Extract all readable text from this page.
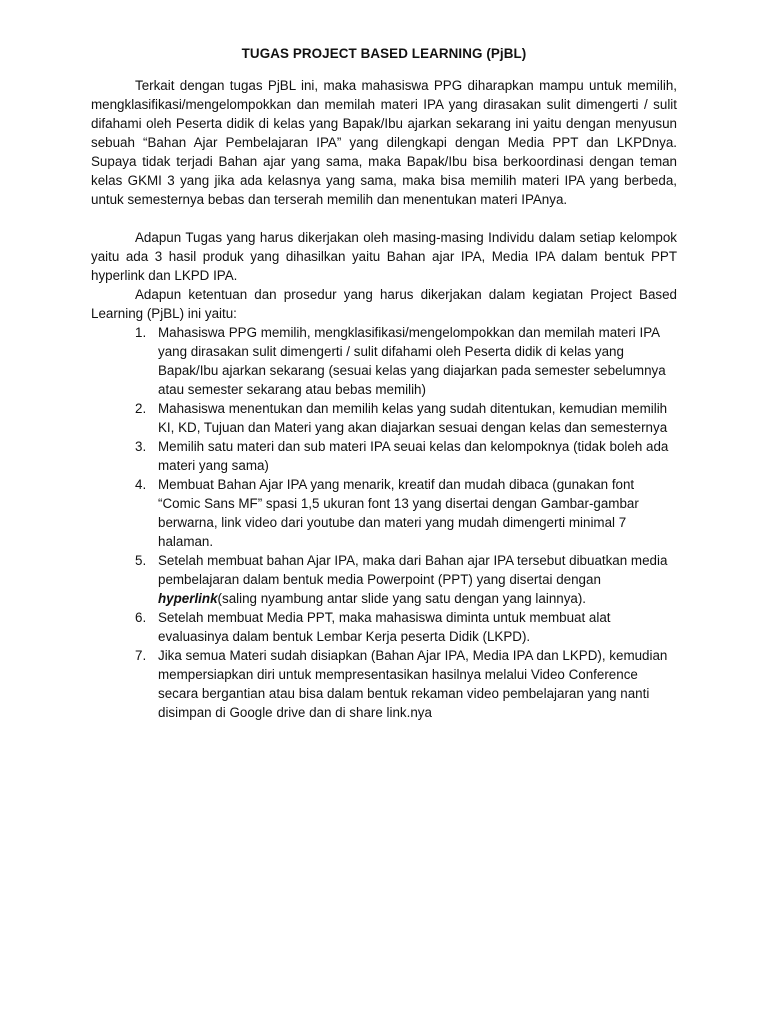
TUGAS PROJECT BASED LEARNING (PjBL)

Terkait dengan tugas PjBL ini, maka mahasiswa PPG diharapkan mampu untuk memilih, mengklasifikasi/mengelompokkan dan memilah materi IPA yang dirasakan sulit dimengerti / sulit difahami oleh Peserta didik di kelas yang Bapak/Ibu ajarkan sekarang ini yaitu dengan menyusun sebuah “Bahan Ajar Pembelajaran IPA” yang dilengkapi dengan Media PPT dan LKPDnya. Supaya tidak terjadi Bahan ajar yang sama, maka Bapak/Ibu bisa berkoordinasi dengan teman kelas GKMI 3 yang jika ada kelasnya yang sama, maka bisa memilih materi IPA yang berbeda, untuk semesternya bebas dan terserah memilih dan menentukan materi IPAnya.

Adapun Tugas yang harus dikerjakan oleh masing-masing Individu dalam setiap kelompok yaitu ada 3 hasil produk yang dihasilkan yaitu Bahan ajar IPA, Media IPA dalam bentuk PPT hyperlink dan LKPD IPA.

Adapun ketentuan dan prosedur yang harus dikerjakan dalam kegiatan Project Based Learning (PjBL) ini yaitu:

1. Mahasiswa PPG memilih, mengklasifikasi/mengelompokkan dan memilah materi IPA yang dirasakan sulit dimengerti / sulit difahami oleh Peserta didik di kelas yang Bapak/Ibu ajarkan sekarang (sesuai kelas yang diajarkan pada semester sebelumnya atau semester sekarang atau bebas memilih)
2. Mahasiswa menentukan dan memilih kelas yang sudah ditentukan, kemudian memilih KI, KD, Tujuan dan Materi yang akan diajarkan sesuai dengan kelas dan semesternya
3. Memilih satu materi dan sub materi IPA seuai kelas dan kelompoknya (tidak boleh ada materi yang sama)
4. Membuat Bahan Ajar IPA yang menarik, kreatif dan mudah dibaca (gunakan font “Comic Sans MF” spasi 1,5 ukuran font 13 yang disertai dengan Gambar-gambar berwarna, link video dari youtube dan materi yang mudah dimengerti minimal 7 halaman.
5. Setelah membuat bahan Ajar IPA, maka dari Bahan ajar IPA tersebut dibuatkan media pembelajaran dalam bentuk media Powerpoint (PPT) yang disertai dengan hyperlink(saling nyambung antar slide yang satu dengan yang lainnya).
6. Setelah membuat Media PPT, maka mahasiswa diminta untuk membuat alat evaluasinya dalam bentuk Lembar Kerja peserta Didik (LKPD).
7. Jika semua Materi sudah disiapkan (Bahan Ajar IPA, Media IPA dan LKPD), kemudian mempersiapkan diri untuk mempresentasikan hasilnya melalui Video Conference secara bergantian atau bisa dalam bentuk rekaman video pembelajaran yang nanti disimpan di Google drive dan di share link.nya
